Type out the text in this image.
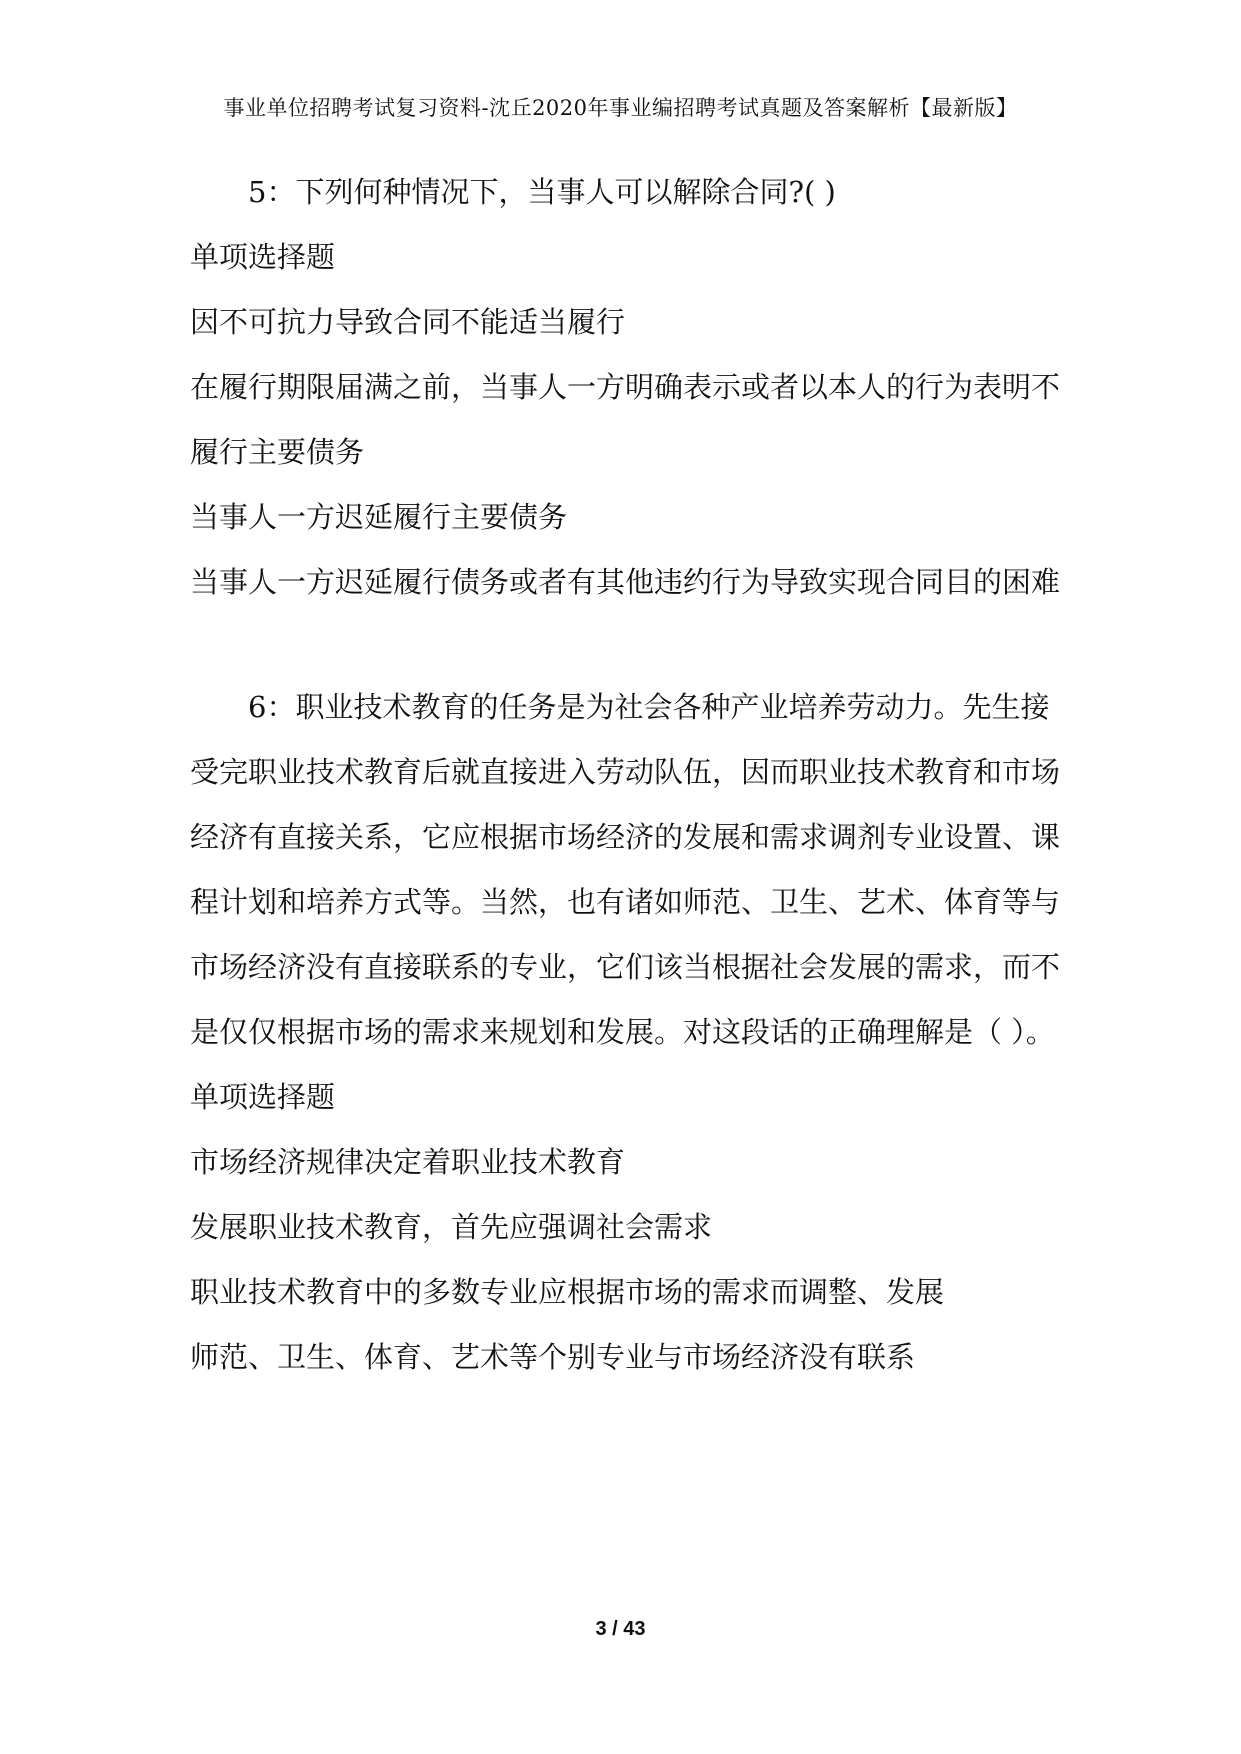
事业单位招聘考试复习资料-沈丘2020年事业编招聘考试真题及答案解析【最新版】

5：下列何种情况下，当事人可以解除合同?( )

单项选择题

因不可抗力导致合同不能适当履行

在履行期限届满之前，当事人一方明确表示或者以本人的行为表明不履行主要债务

当事人一方迟延履行主要债务

当事人一方迟延履行债务或者有其他违约行为导致实现合同目的困难

6：职业技术教育的任务是为社会各种产业培养劳动力。先生接受完职业技术教育后就直接进入劳动队伍，因而职业技术教育和市场经济有直接关系，它应根据市场经济的发展和需求调剂专业设置、课程计划和培养方式等。当然，也有诸如师范、卫生、艺术、体育等与市场经济没有直接联系的专业，它们该当根据社会发展的需求，而不是仅仅根据市场的需求来规划和发展。对这段话的正确理解是（ ）。

单项选择题

市场经济规律决定着职业技术教育

发展职业技术教育，首先应强调社会需求

职业技术教育中的多数专业应根据市场的需求而调整、发展

师范、卫生、体育、艺术等个别专业与市场经济没有联系

3 / 43
